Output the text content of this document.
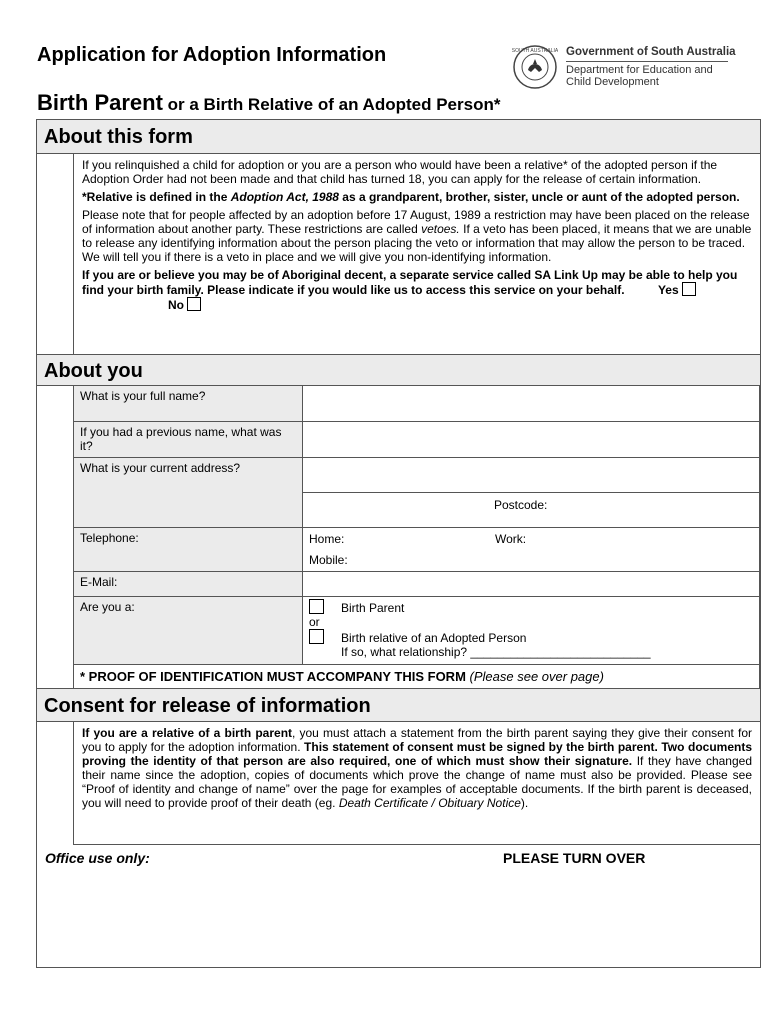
Application for Adoption Information
Birth Parent or a Birth Relative of an Adopted Person*
SOUTH AUSTRALIA Government of South Australia
Department for Education and
Child Development
About this form

If you relinquished a child for adoption or you are a person who would have been a relative* of the adopted person if the Adoption Order had not been made and that child has turned 18, you can apply for the release of certain information.

*Relative is defined in the Adoption Act, 1988 as a grandparent, brother, sister, uncle or aunt of the adopted person.

Please note that for people affected by an adoption before 17 August, 1989 a restriction may have been placed on the release of information about another party. These restrictions are called vetoes. If a veto has been placed, it means that we are unable to release any identifying information about the person placing the veto or information that may allow the person to be traced. We will tell you if there is a veto in place and we will give you non-identifying information.

If you are or believe you may be of Aboriginal decent, a separate service called SA Link Up may be able to help you find your birth family. Please indicate if you would like us to access this service on your behalf.	Yes  No

About you
What is your full name?	
If you had a previous name, what was it?	
What is your current address?	Postcode:

Telephone:	Home: Work:
Mobile:

E-Mail:	
Are you a:	Birth Parent
or
Birth relative of an Adopted Person
If so, what relationship? ___________________________

* PROOF OF IDENTIFICATION MUST ACCOMPANY THIS FORM (Please see over page)	
Consent for release of information

If you are a relative of a birth parent, you must attach a statement from the birth parent saying they give their consent for you to apply for the adoption information. This statement of consent must be signed by the birth parent. Two documents proving the identity of that person are also required, one of which must show their signature. If they have changed their name since the adoption, copies of documents which prove the change of name must also be provided. Please see “Proof of identity and change of name” over the page for examples of acceptable documents. If the birth parent is deceased, you will need to provide proof of their death (eg. Death Certificate / Obituary Notice).

Office use only:	PLEASE TURN OVER
